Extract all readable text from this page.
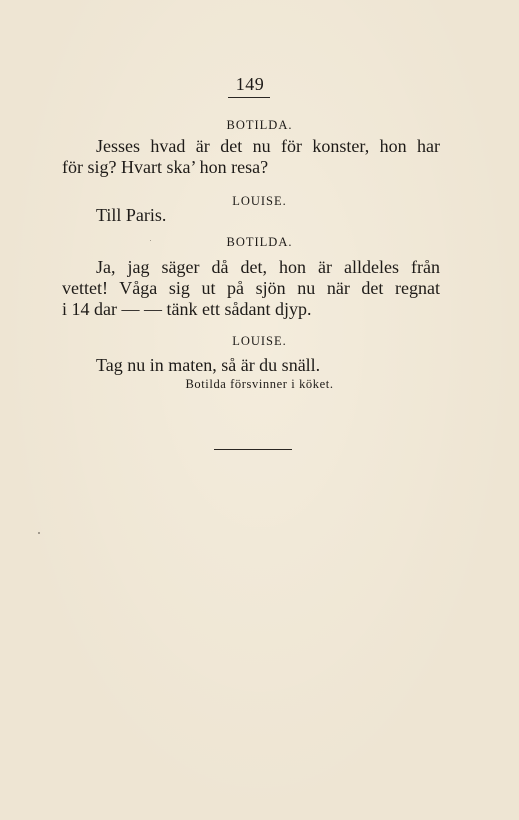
149
BOTILDA.
Jesses hvad är det nu för konster, hon har
för sig? Hvart ska’ hon resa?
LOUISE.
Till Paris.
BOTILDA.
Ja, jag säger då det, hon är alldeles från
vettet! Våga sig ut på sjön nu när det regnat
i 14 dar — — tänk ett sådant djyp.
LOUISE.
Tag nu in maten, så är du snäll.
Botilda försvinner i köket.
